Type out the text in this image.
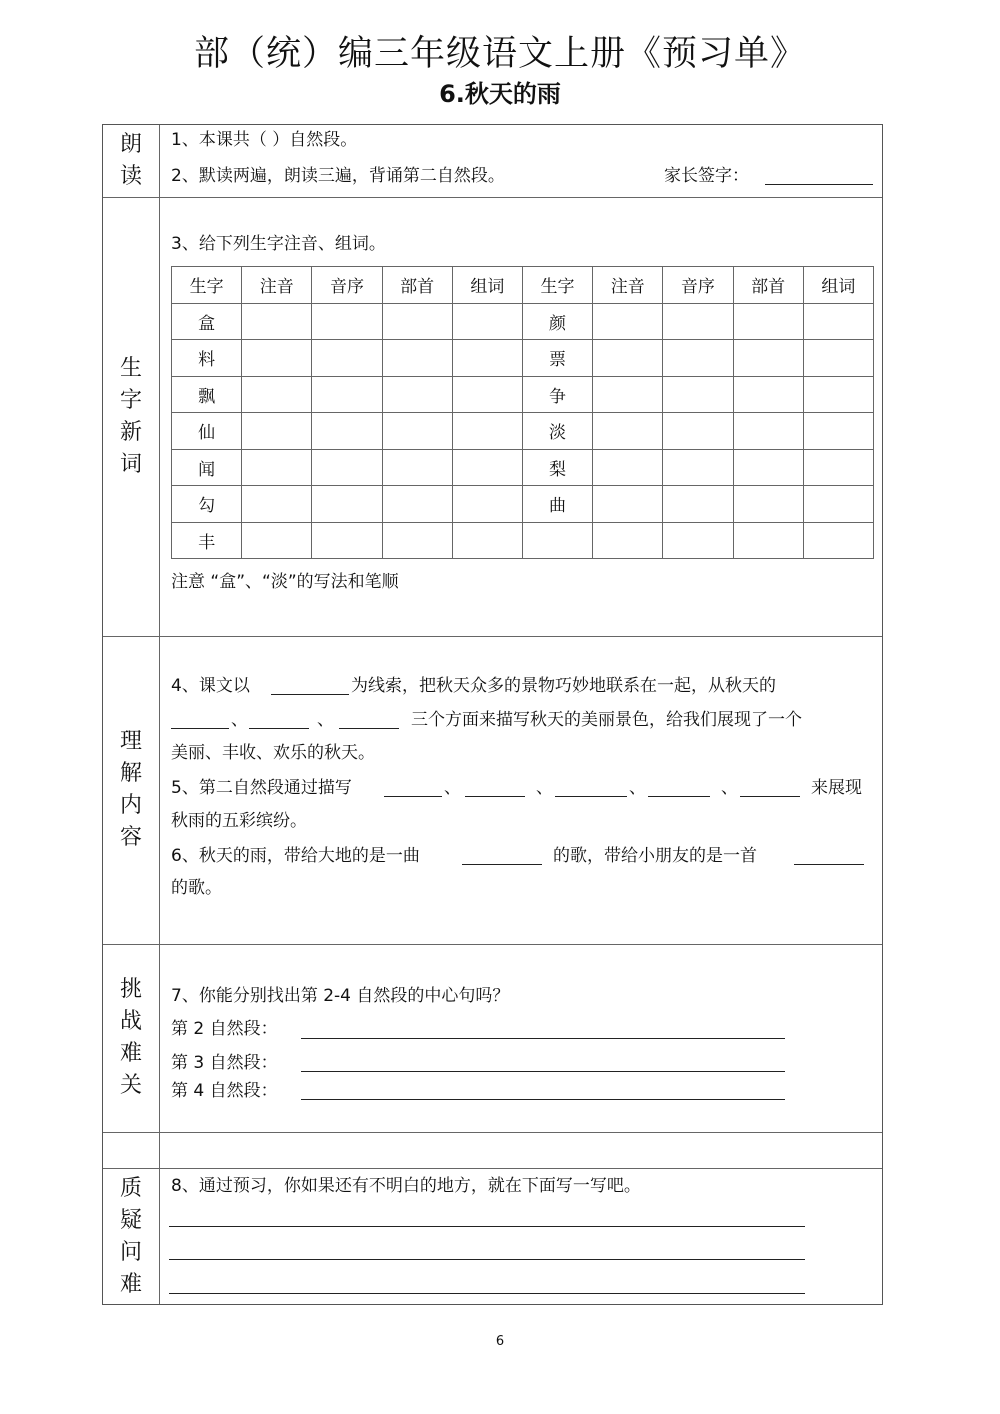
部（统）编三年级语文上册《预习单》
6.秋天的雨
朗
读
1、本课共（ ）自然段。
2、默读两遍，朗读三遍，背诵第二自然段。	家长签字：
生
字
新
词
3、给下列生字注音、组词。
生字	注音	音序	部首	组词	生字	注音	音序	部首	组词
盒					颜				
料					票				
飘					争				
仙					淡				
闻					梨				
勾					曲				
丰									
注意 “盒”、“淡”的写法和笔顺
理
解
内
容
4、课文以	为线索，把秋天众多的景物巧妙地联系在一起，从秋天的
、	、	三个方面来描写秋天的美丽景色，给我们展现了一个
美丽、丰收、欢乐的秋天。
5、第二自然段通过描写	、	、	、	、	来展现
秋雨的五彩缤纷。
6、秋天的雨，带给大地的是一曲	的歌，带给小朋友的是一首
的歌。
挑
战
难
关
7、你能分别找出第 2-4 自然段的中心句吗？
第 2 自然段：
第 3 自然段：
第 4 自然段：
质
疑
问
难
8、通过预习，你如果还有不明白的地方，就在下面写一写吧。
6
